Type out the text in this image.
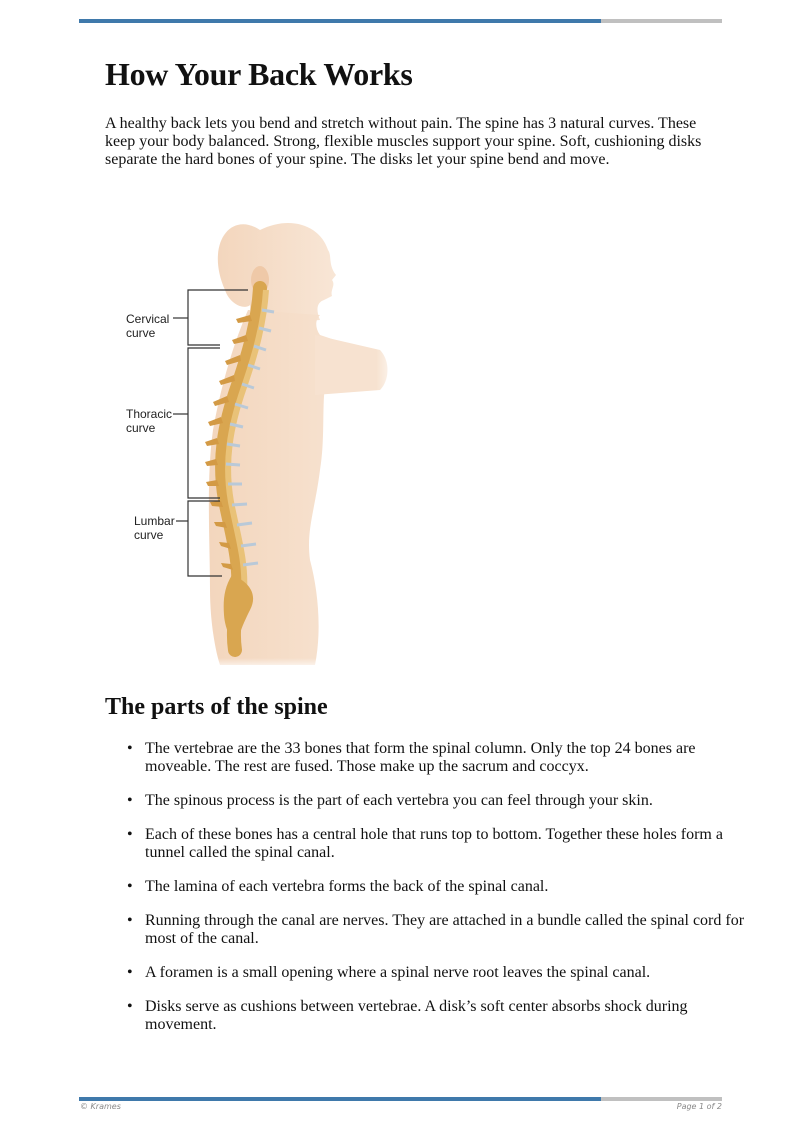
How Your Back Works

A healthy back lets you bend and stretch without pain. The spine has 3 natural curves. These keep your body balanced. Strong, flexible muscles support your spine. Soft, cushioning disks separate the hard bones of your spine. The disks let your spine bend and move.

Cervical
curve
Thoracic
curve
Lumbar
curve
The parts of the spine
• The vertebrae are the 33 bones that form the spinal column. Only the top 24 bones are moveable. The rest are fused. Those make up the sacrum and coccyx.
• The spinous process is the part of each vertebra you can feel through your skin.
• Each of these bones has a central hole that runs top to bottom. Together these holes form a tunnel called the spinal canal.
• The lamina of each vertebra forms the back of the spinal canal.
• Running through the canal are nerves. They are attached in a bundle called the spinal cord for most of the canal.
• A foramen is a small opening where a spinal nerve root leaves the spinal canal.
• Disks serve as cushions between vertebrae. A disk’s soft center absorbs shock during movement.
© Krames	Page 1 of 2
